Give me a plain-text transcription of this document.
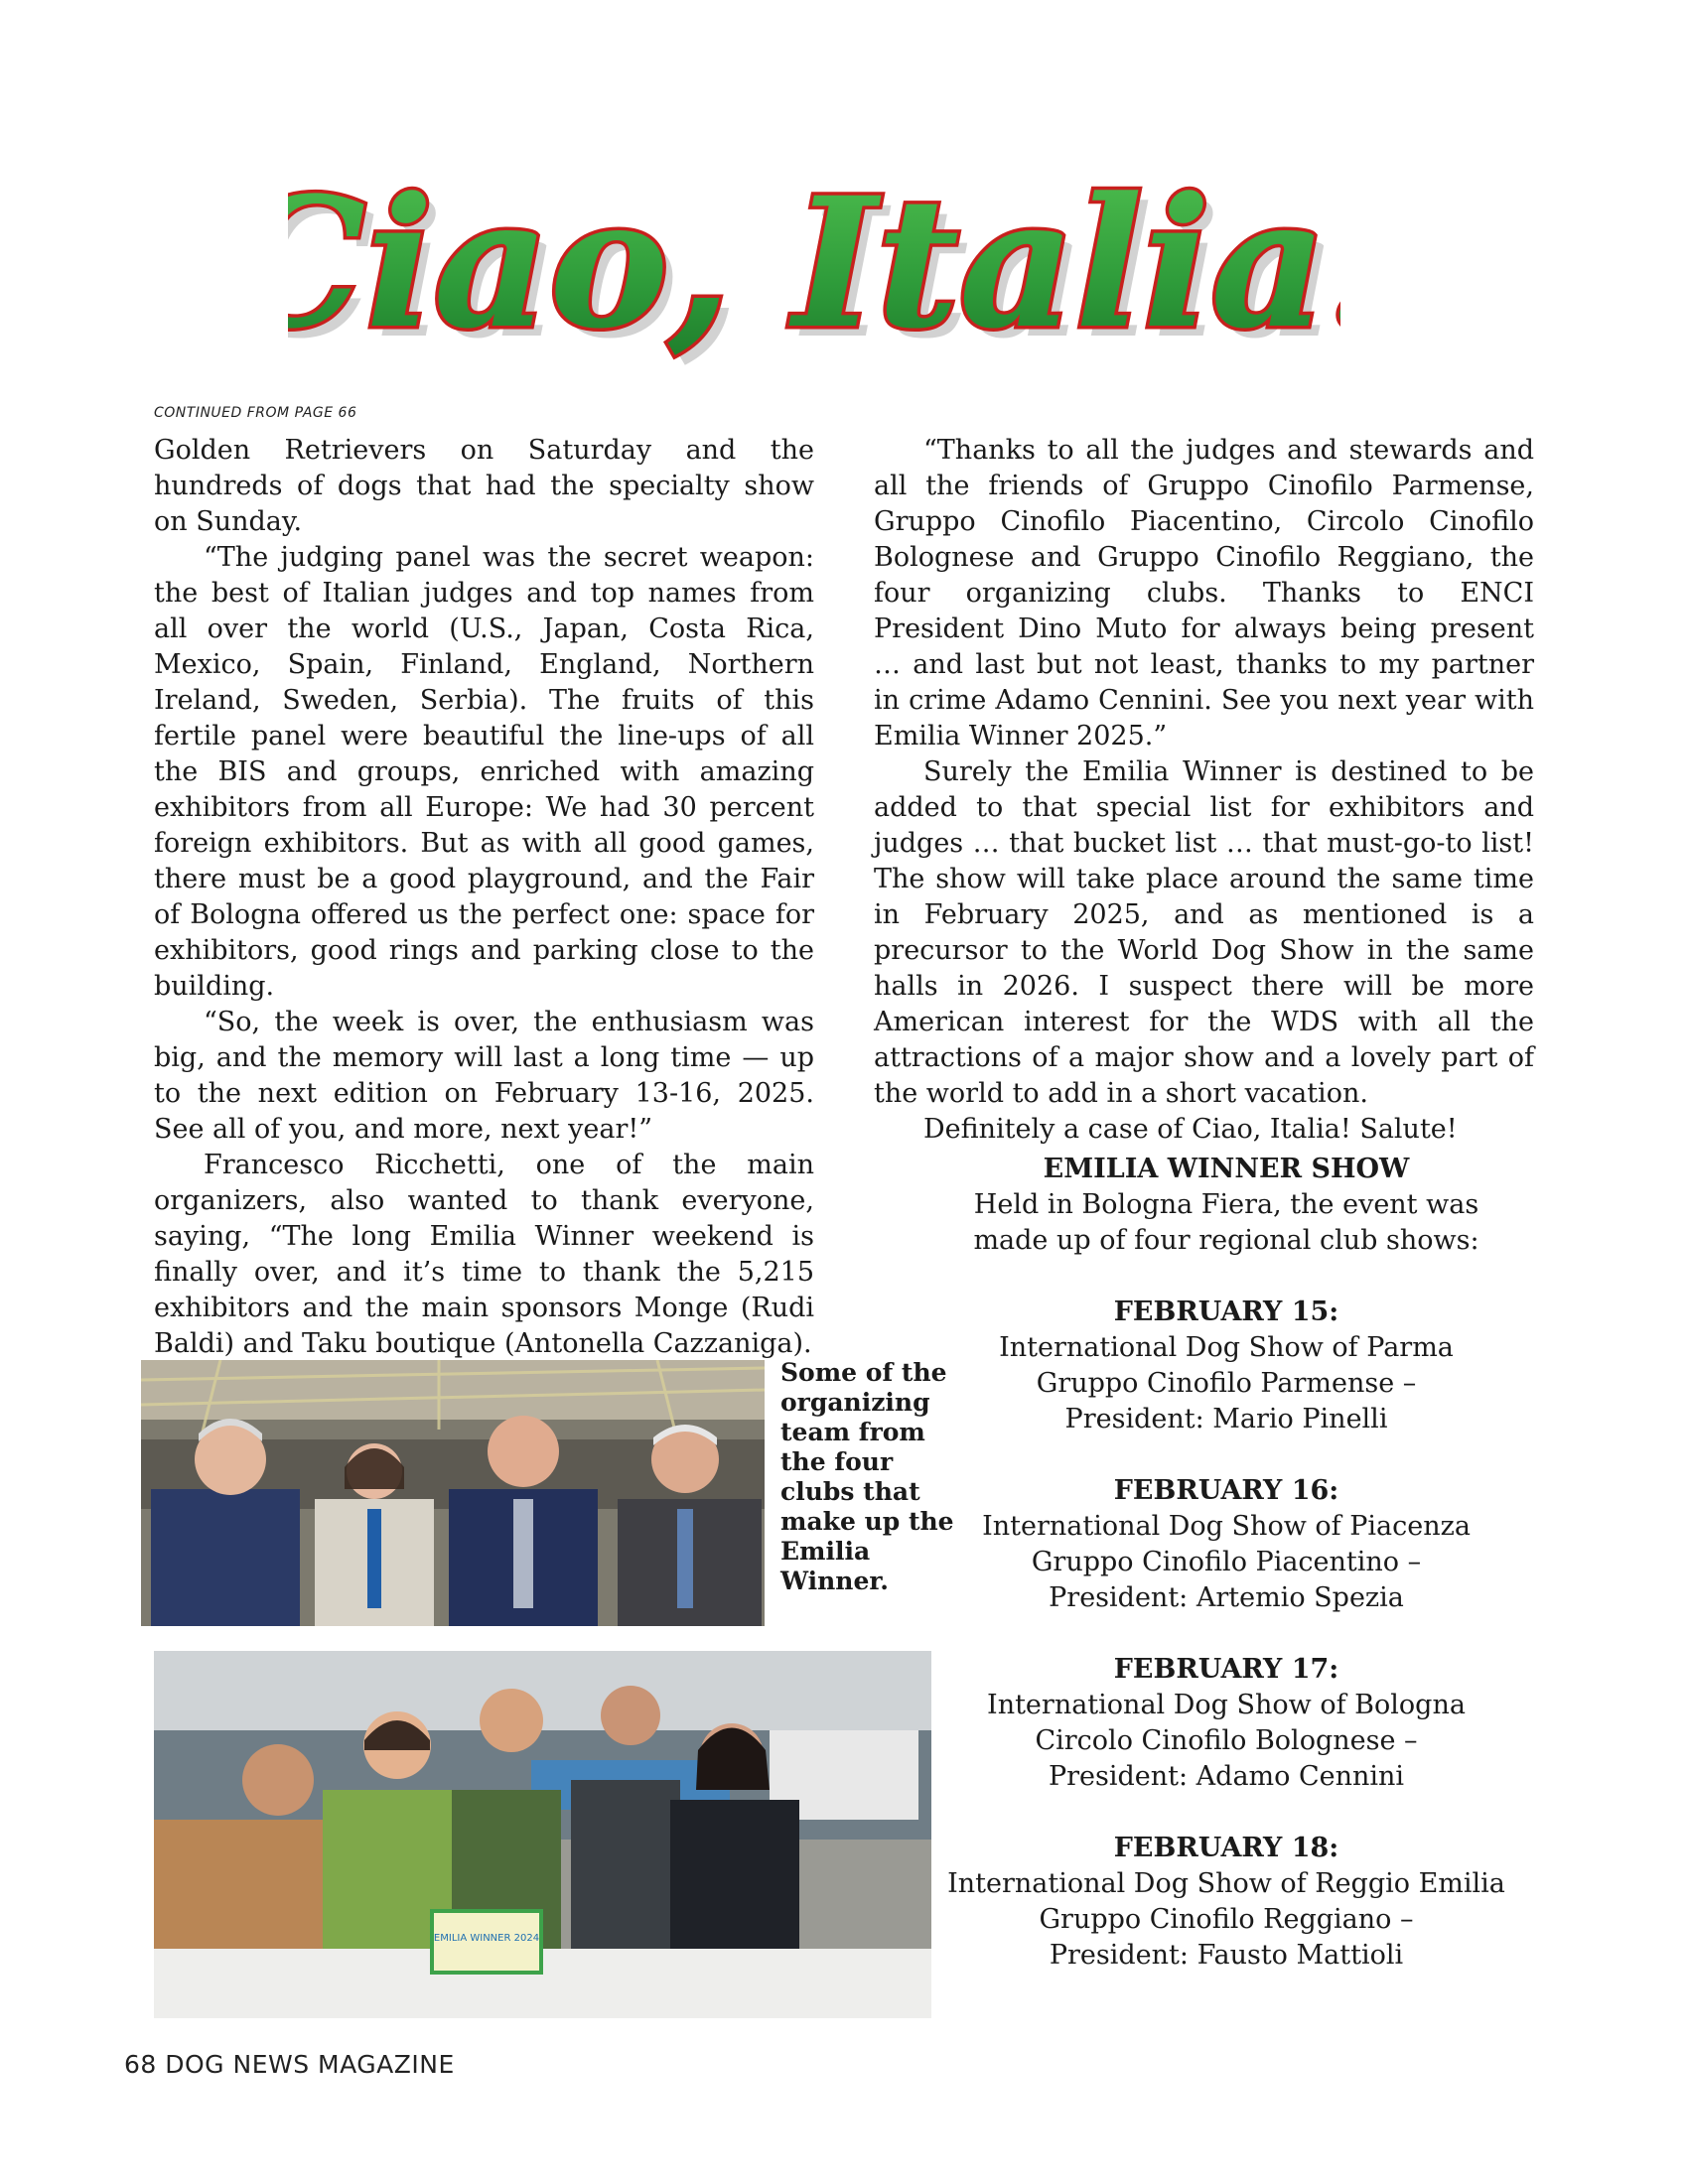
iao, Italia
iao, Italia
CONTINUED FROM PAGE 66

Golden Retrievers on Saturday and the hundreds of dogs that had the specialty show on Sunday.

“The judging panel was the secret weapon: the best of Italian judges and top names from all over the world (U.S., Japan, Costa Rica, Mexico, Spain, Finland, England, Northern Ireland, Sweden, Serbia). The fruits of this fertile panel were beautiful the line-ups of all the BIS and groups, enriched with amazing exhibitors from all Europe: We had 30 percent foreign exhibitors. But as with all good games, there must be a good playground, and the Fair of Bologna offered us the perfect one: space for exhibitors, good rings and parking close to the building.

“So, the week is over, the enthusiasm was big, and the memory will last a long time — up to the next edition on February 13-16, 2025. See all of you, and more, next year!”

Francesco Ricchetti, one of the main organizers, also wanted to thank everyone, saying, “The long Emilia Winner weekend is finally over, and it’s time to thank the 5,215 exhibitors and the main sponsors Monge (Rudi Baldi) and Taku boutique (Antonella Cazzaniga).

“Thanks to all the judges and stewards and all the friends of Gruppo Cinofilo Parmense, Gruppo Cinofilo Piacentino, Circolo Cinofilo Bolognese and Gruppo Cinofilo Reggiano, the four organizing clubs. Thanks to ENCI President Dino Muto for always being present … and last but not least, thanks to my partner in crime Adamo Cennini. See you next year with Emilia Winner 2025.”

Surely the Emilia Winner is destined to be added to that special list for exhibitors and judges … that bucket list … that must-go-to list! The show will take place around the same time in February 2025, and as mentioned is a precursor to the World Dog Show in the same halls in 2026. I suspect there will be more American interest for the WDS with all the attractions of a major show and a lovely part of the world to add in a short vacation.

Definitely a case of Ciao, Italia! Salute!

EMILIA WINNER SHOW
Held in Bologna Fiera, the event was
made up of four regional club shows:
FEBRUARY 15:
International Dog Show of Parma
Gruppo Cinofilo Parmense –
President: Mario Pinelli
FEBRUARY 16:
International Dog Show of Piacenza
Gruppo Cinofilo Piacentino –
President: Artemio Spezia
FEBRUARY 17:
International Dog Show of Bologna
Circolo Cinofilo Bolognese –
President: Adamo Cennini
FEBRUARY 18:
International Dog Show of Reggio Emilia
Gruppo Cinofilo Reggiano –
President: Fausto Mattioli
Some of the organizing team from the four clubs that make up the Emilia Winner.
EMILIA WINNER 2024
68 DOG NEWS MAGAZINE
